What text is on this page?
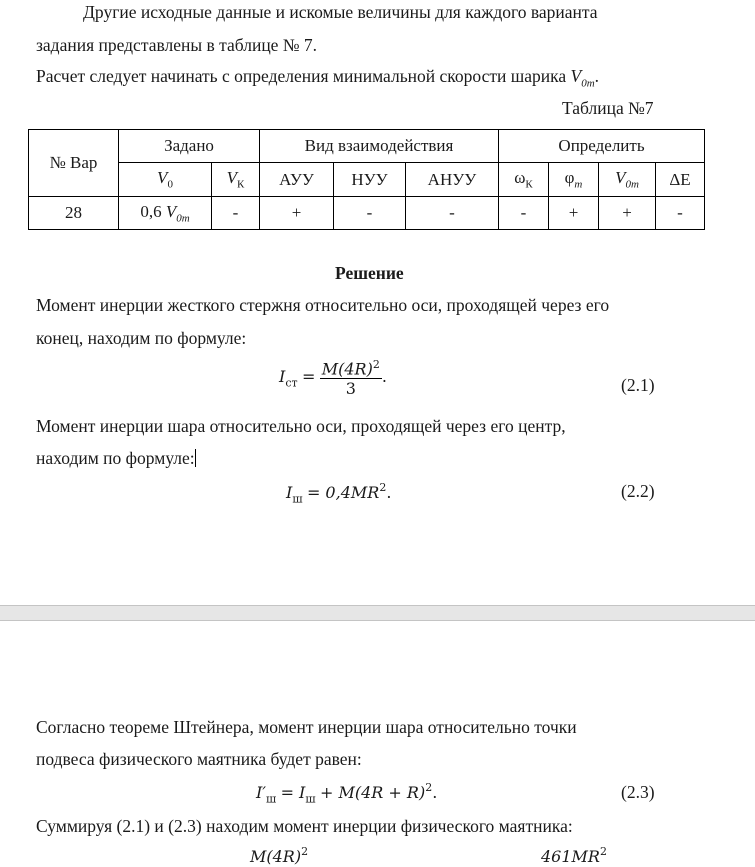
Другие исходные данные и искомые величины для каждого варианта
задания представлены в таблице № 7.
Расчет следует начинать с определения минимальной скорости шарика $V_{0m}$.
Таблица №7
№ Вар	Задано		Вид взаимодействия			Определить			
	$V_0$	$V_К$	АУУ	НУУ	АНУУ	$\omega_К$	$\varphi_m$	$V_{0m}$	ΔE
28	0,6 $V_{0m}$	-	+	-	-	-	+	+	-
Решение
Момент инерции жесткого стержня относительно оси, проходящей через его
конец, находим по формуле:
$I_{ст} = \frac{M(4R)^2}{3}$ .	(2.1)
Момент инерции шара относительно оси, проходящей через его центр,
находим по формуле:
$I_ш = 0,4MR^2$.	(2.2)
Согласно теореме Штейнера, момент инерции шара относительно точки
подвеса физического маятника будет равен:
$I'_ш = I_ш + M(4R + R)^2$.	(2.3)
Суммируя (2.1) и (2.3) находим момент инерции физического маятника:
$M(4R)^2$	$461MR^2$
